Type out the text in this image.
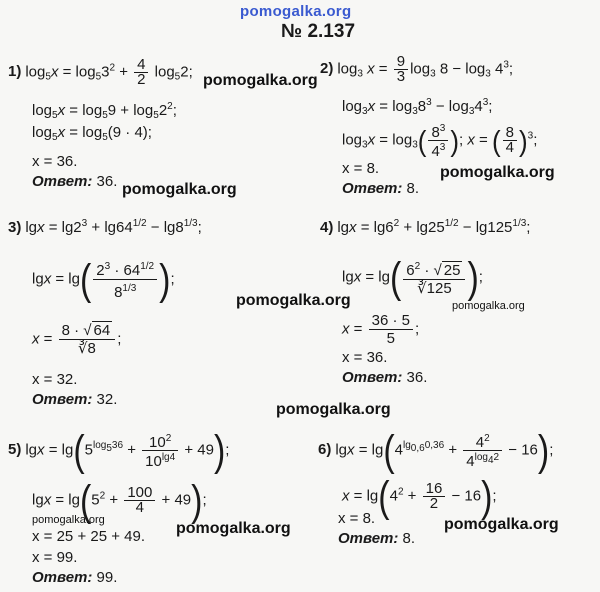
pomogalka.org
№ 2.137
1) $\log_5x = \log_53^2 + \frac{4}{2} \log_52$;
$\log_5x = \log_59 + \log_52^2$;
$\log_5x = \log_5(9 \cdot 4)$;
x = 36.
Ответ: 36.
2) $\log_3 x = \frac{9}{3} \log_3 8 - \log_3 4^3$;
$\log_3x = \log_38^3 - \log_34^3$;
$\log_3x = \log_3( \frac{8^3}{4^3}$ ); x = ( $\frac{8}{4} )^3$;
x = 8.
Ответ: 8.
3) $\lg x = \lg 2^3 + \lg 64^{1/2} - \lg 8^{1/3}$;
$\lg x = \lg( \frac{2^3 \cdot 64^{1/2}}{8^{1/3}}$ );
$x = \frac{8 \cdot √ 64}{∛8}$ ;
x = 32.
Ответ: 32.
4) $\lg x = \lg 6^2 + \lg 25^{1/2} - \lg 125^{1/3}$;
$\lg x = \lg( \frac{6^2 \cdot √ 25}{∛125}$ );
$x = \frac{36 \cdot 5}{5}$ ;
x = 36.
Ответ: 36.
5) $\lg x = \lg(5^{log_536} + \frac{10^2}{10^{lg4}} + 49)$;
$\lg x = \lg(5^2 + \frac{100}{4} + 49)$;
x = 25 + 25 + 49.
x = 99.
Ответ: 99.
6) $\lg x = \lg(4^{lg_{0,6}0,36} + \frac{4^2}{4^{log_42}} - 16)$;
$x = \lg(4^2 + \frac{16}{2} - 16)$;
x = 8.
Ответ: 8.
pomogalka.org
pomogalka.org
pomogalka.org
pomogalka.org	pomogalka.org
pomogalka.org
pomogalka.org	pomogalka.org	pomogalka.org
